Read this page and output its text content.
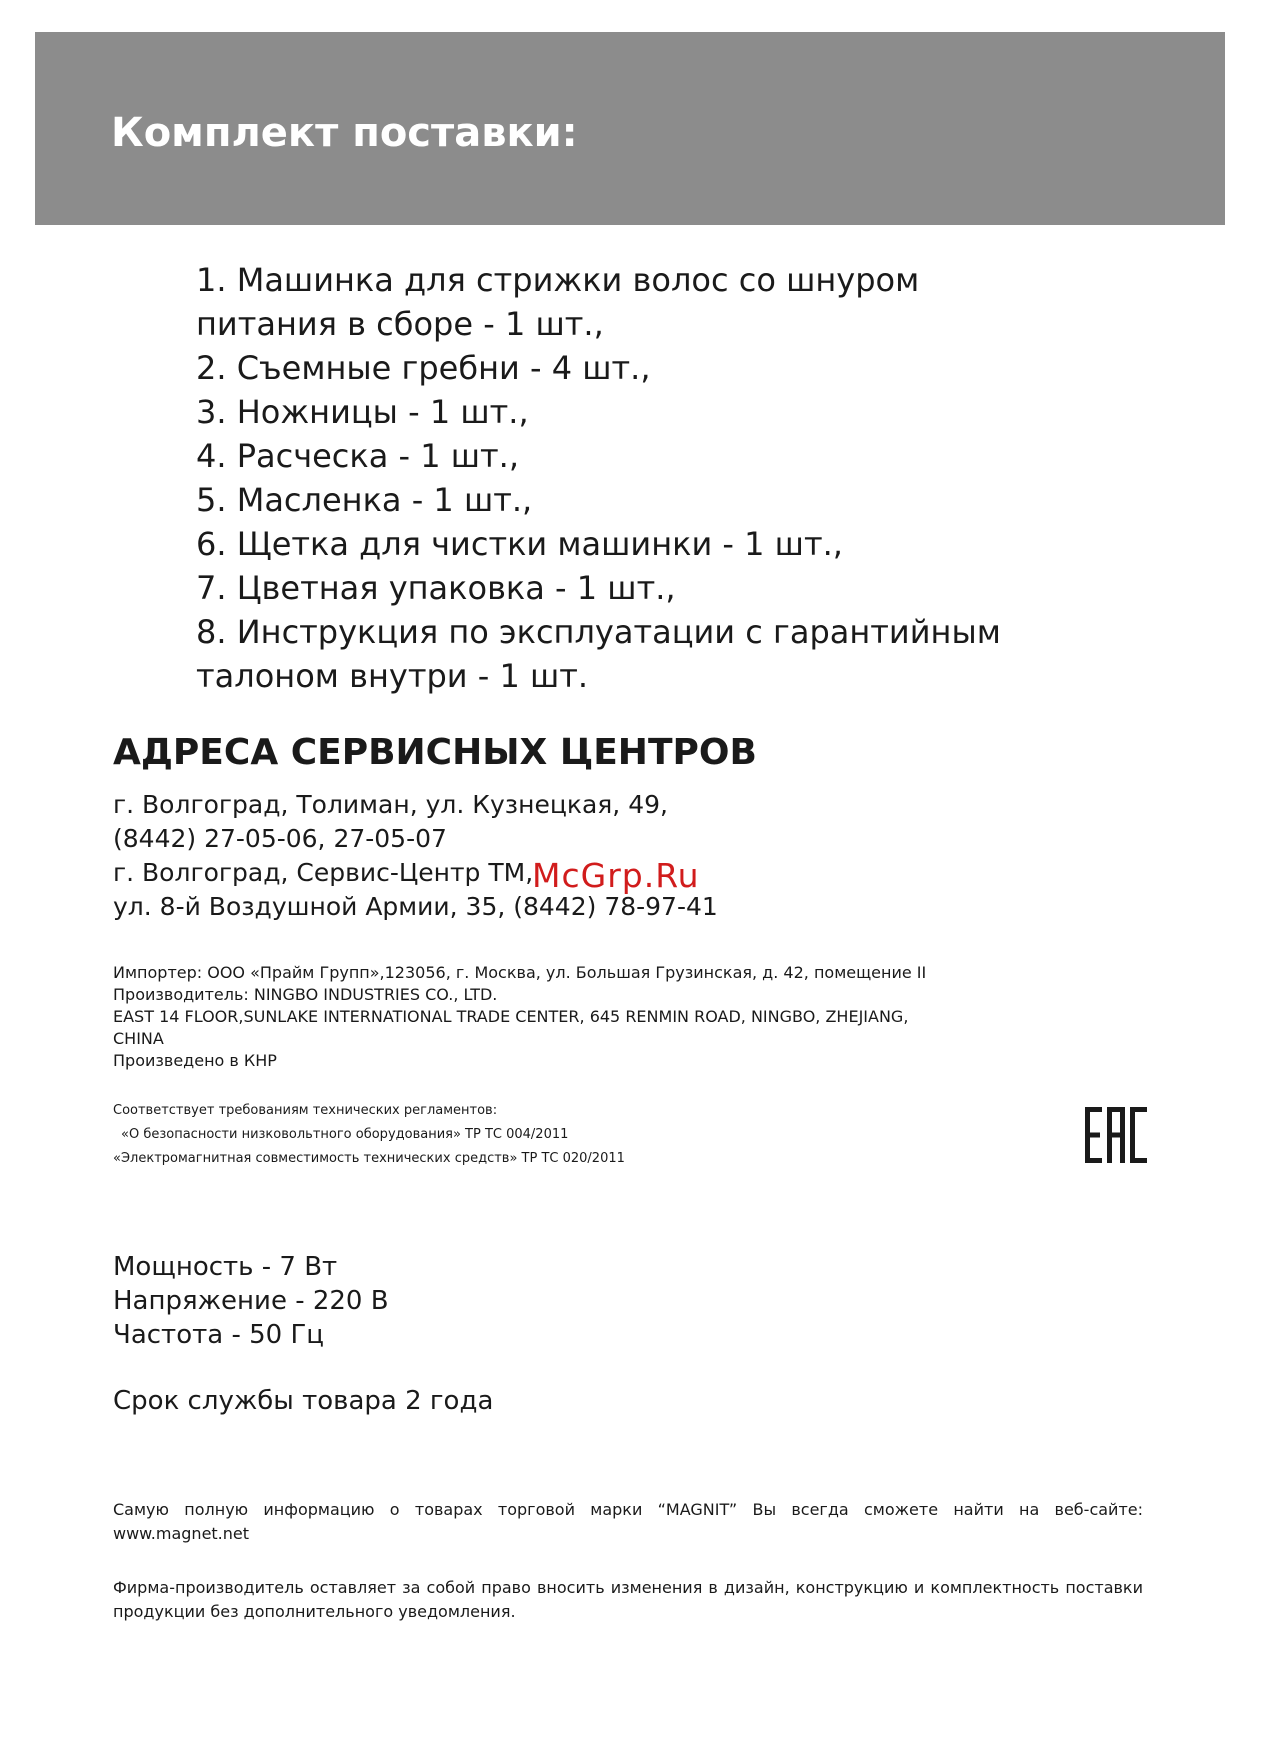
Комплект поставки:
1. Машинка для стрижки волос со шнуром
питания в сборе - 1 шт.,
2. Съемные гребни - 4 шт.,
3. Ножницы - 1 шт.,
4. Расческа - 1 шт.,
5. Масленка - 1 шт.,
6. Щетка для чистки машинки - 1 шт.,
7. Цветная упаковка - 1 шт.,
8. Инструкция по эксплуатации с гарантийным
талоном внутри - 1 шт.
АДРЕСА СЕРВИСНЫХ ЦЕНТРОВ
г. Волгоград, Толиман, ул. Кузнецкая, 49,
(8442) 27-05-06, 27-05-07
г. Волгоград, Сервис-Центр ТМ,
ул. 8-й Воздушной Армии, 35, (8442) 78-97-41
McGrp.Ru
Импортер: ООО «Прайм Групп»,123056, г. Москва, ул. Большая Грузинская, д. 42, помещение II
Производитель: NINGBO INDUSTRIES CO., LTD.
EAST 14 FLOOR,SUNLAKE INTERNATIONAL TRADE CENTER, 645 RENMIN ROAD, NINGBO, ZHEJIANG,
CHINA
Произведено в КНР
Соответствует требованиям технических регламентов:
«О безопасности низковольтного оборудования» ТР ТС 004/2011
«Электромагнитная совместимость технических средств» ТР ТС 020/2011
Мощность - 7 Вт
Напряжение - 220 В
Частота - 50 Гц
Срок службы товара 2 года

Самую полную информацию о товарах торговой марки “MAGNIT” Вы всегда сможете найти на веб-сайте: www.magnet.net

Фирма-производитель оставляет за собой право вносить изменения в дизайн, конструкцию и комплектность поставки продукции без дополнительного уведомления.
